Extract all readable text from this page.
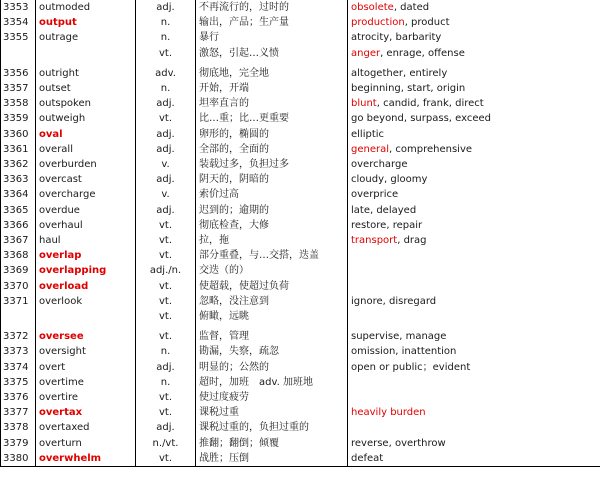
3353	outmoded	adj.	不再流行的，过时的	obsolete, dated
3354	output	n.	输出，产品；生产量	production, product
3355	outrage	n.	暴行	atrocity, barbarity
		vt.	激怒，引起…义愤	anger, enrage, offense

3356	outright	adv.	彻底地，完全地	altogether, entirely
3357	outset	n.	开始，开端	beginning, start, origin
3358	outspoken	adj.	坦率直言的	blunt, candid, frank, direct
3359	outweigh	vt.	比…重；比…更重要	go beyond, surpass, exceed
3360	oval	adj.	卵形的，椭圆的	elliptic
3361	overall	adj.	全部的，全面的	general, comprehensive
3362	overburden	v.	装载过多，负担过多	overcharge
3363	overcast	adj.	阴天的，阴暗的	cloudy, gloomy
3364	overcharge	v.	索价过高	overprice
3365	overdue	adj.	迟到的；逾期的	late, delayed
3366	overhaul	vt.	彻底检查，大修	restore, repair
3367	haul	vt.	拉，拖	transport, drag
3368	overlap	vt.	部分重叠，与…交搭，迭盖	
3369	overlapping	adj./n.	交迭（的）	
3370	overload	vt.	使超载，使超过负荷	
3371	overlook	vt.	忽略，没注意到	ignore, disregard
		vt.	俯瞰，远眺	

3372	oversee	vt.	监督，管理	supervise, manage
3373	oversight	n.	勘漏，失察，疏忽	omission, inattention
3374	overt	adj.	明显的；公然的	open or public；evident
3375	overtime	n.	超时，加班　adv. 加班地	
3376	overtire	vt.	使过度疲劳	
3377	overtax	vt.	课税过重	heavily burden
3378	overtaxed	adj.	课税过重的，负担过重的	
3379	overturn	n./vt.	推翻；翻倒；倾覆	reverse, overthrow
3380	overwhelm	vt.	战胜；压倒	defeat
